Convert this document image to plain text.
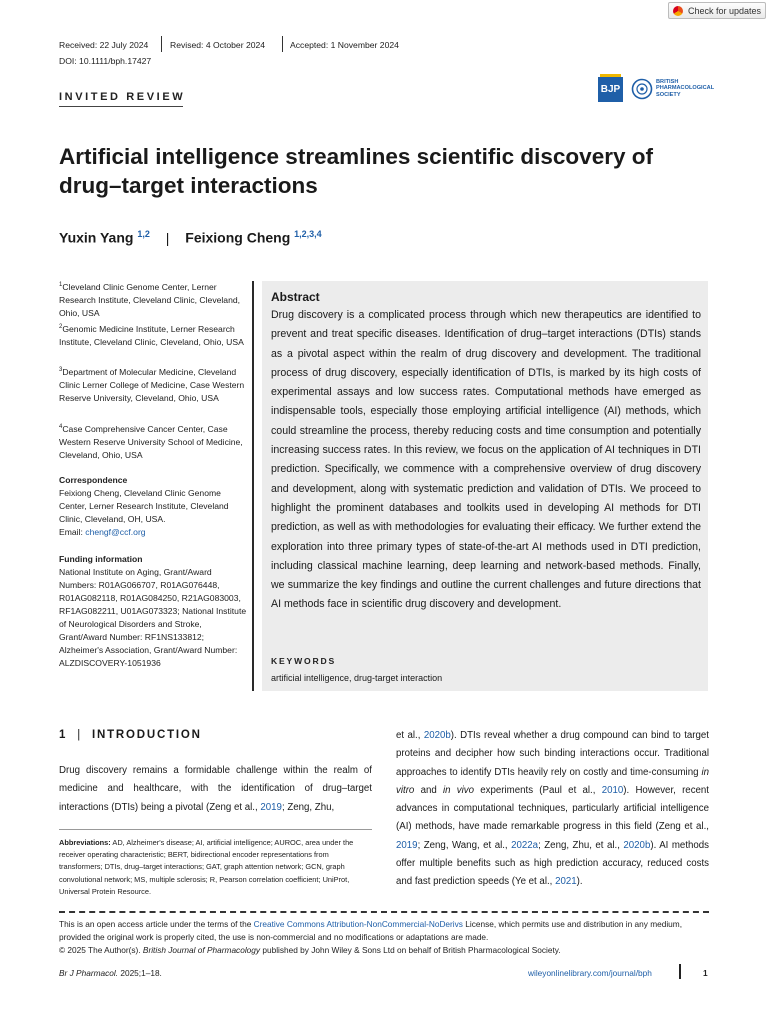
Check for updates
Received: 22 July 2024	Revised: 4 October 2024	Accepted: 1 November 2024
DOI: 10.1111/bph.17427
INVITED REVIEW
BJP
BRITISH
PHARMACOLOGICAL
SOCIETY
Artificial intelligence streamlines scientific discovery of
drug–target interactions
Yuxin Yang $^{1,2}$ | Feixiong Cheng $^{1,2,3,4}$
$^1$Cleveland Clinic Genome Center, Lerner Research Institute, Cleveland Clinic, Cleveland, Ohio, USA
$^2$Genomic Medicine Institute, Lerner Research Institute, Cleveland Clinic, Cleveland, Ohio, USA
$^3$Department of Molecular Medicine, Cleveland Clinic Lerner College of Medicine, Case Western Reserve University, Cleveland, Ohio, USA
$^4$Case Comprehensive Cancer Center, Case Western Reserve University School of Medicine, Cleveland, Ohio, USA
Correspondence
Feixiong Cheng, Cleveland Clinic Genome Center, Lerner Research Institute, Cleveland Clinic, Cleveland, OH, USA.
Email: chengf@ccf.org
Funding information
National Institute on Aging, Grant/Award Numbers: R01AG066707, R01AG076448, R01AG082118, R01AG084250, R21AG083003, RF1AG082211, U01AG073323; National Institute of Neurological Disorders and Stroke, Grant/Award Number: RF1NS133812; Alzheimer's Association, Grant/Award Number: ALZDISCOVERY-1051936
Abstract
Drug discovery is a complicated process through which new therapeutics are identified to prevent and treat specific diseases. Identification of drug–target interactions (DTIs) stands as a pivotal aspect within the realm of drug discovery and development. The traditional process of drug discovery, especially identification of DTIs, is marked by its high costs of experimental assays and low success rates. Computational methods have emerged as indispensable tools, especially those employing artificial intelligence (AI) methods, which could streamline the process, thereby reducing costs and time consumption and potentially increasing success rates. In this review, we focus on the application of AI techniques in DTI prediction. Specifically, we commence with a comprehensive overview of drug discovery and development, along with systematic prediction and validation of DTIs. We proceed to highlight the prominent databases and toolkits used in developing AI methods for DTI prediction, as well as with methodologies for evaluating their efficacy. We further extend the exploration into three primary types of state-of-the-art AI methods used in DTI prediction, including classical machine learning, deep learning and network-based methods. Finally, we summarize the key findings and outline the current challenges and future directions that AI methods face in scientific drug discovery and development.
KEYWORDS
artificial intelligence, drug-target interaction
1 | INTRODUCTION
Drug discovery remains a formidable challenge within the realm of medicine and healthcare, with the identification of drug–target interactions (DTIs) being a pivotal (Zeng et al., 2019; Zeng, Zhu,
et al., 2020b). DTIs reveal whether a drug compound can bind to target proteins and decipher how such binding interactions occur. Traditional approaches to identify DTIs heavily rely on costly and time-consuming in vitro and in vivo experiments (Paul et al., 2010). However, recent advances in computational techniques, particularly artificial intelligence (AI) methods, have made remarkable progress in this field (Zeng et al., 2019; Zeng, Wang, et al., 2022a; Zeng, Zhu, et al., 2020b). AI methods offer multiple benefits such as high prediction accuracy, reduced costs and fast prediction speeds (Ye et al., 2021).
Abbreviations: AD, Alzheimer's disease; AI, artificial intelligence; AUROC, area under the receiver operating characteristic; BERT, bidirectional encoder representations from transformers; DTIs, drug–target interactions; GAT, graph attention network; GCN, graph convolutional network; MS, multiple sclerosis; R, Pearson correlation coefficient; UniProt, Universal Protein Resource.
This is an open access article under the terms of the Creative Commons Attribution-NonCommercial-NoDerivs License, which permits use and distribution in any medium, provided the original work is properly cited, the use is non-commercial and no modifications or adaptations are made.
© 2025 The Author(s). British Journal of Pharmacology published by John Wiley & Sons Ltd on behalf of British Pharmacological Society.
Br J Pharmacol. 2025;1–18.	wileyonlinelibrary.com/journal/bph	1
